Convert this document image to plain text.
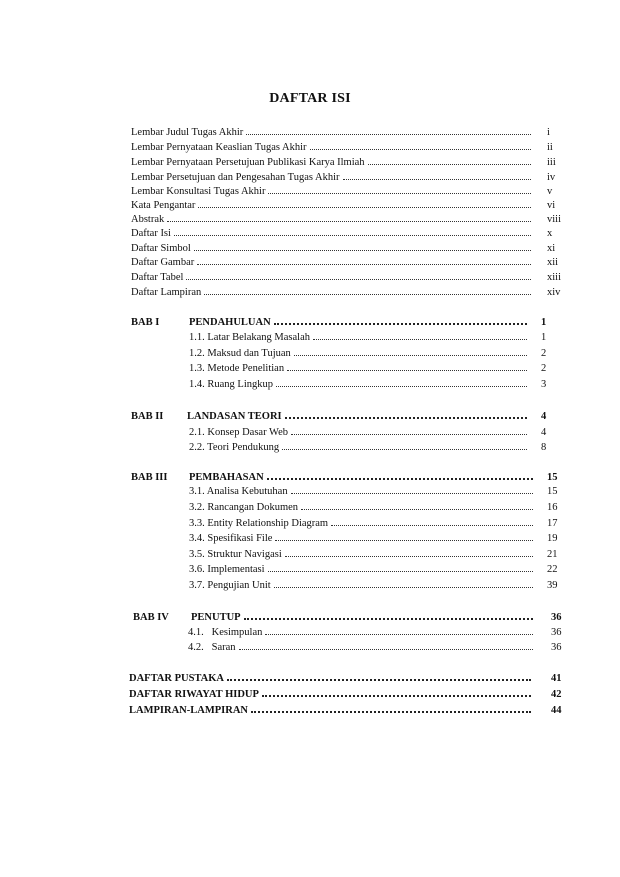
DAFTAR ISI
Lembar Judul Tugas Akhir	i
Lembar Pernyataan Keaslian Tugas Akhir	ii
Lembar Pernyataan Persetujuan Publikasi Karya Ilmiah	iii
Lembar Persetujuan dan Pengesahan Tugas Akhir	iv
Lembar Konsultasi Tugas Akhir	v
Kata Pengantar	vi
Abstrak	viii
Daftar Isi	x
Daftar Simbol	xi
Daftar Gambar	xii
Daftar Tabel	xiii
Daftar Lampiran	xiv
BAB I	PENDAHULUAN	1
1.1. Latar Belakang Masalah	1
1.2. Maksud dan Tujuan	2
1.3. Metode Penelitian	2
1.4. Ruang Lingkup	3
BAB II	LANDASAN TEORI	4
2.1. Konsep Dasar Web	4
2.2. Teori Pendukung	8
BAB III	PEMBAHASAN	15
3.1. Analisa Kebutuhan	15
3.2. Rancangan Dokumen	16
3.3. Entity Relationship Diagram	17
3.4. Spesifikasi File	19
3.5. Struktur Navigasi	21
3.6. Implementasi	22
3.7. Pengujian Unit	39
BAB IV	PENUTUP	36
4.1.   Kesimpulan	36
4.2.   Saran	36
DAFTAR PUSTAKA	41
DAFTAR RIWAYAT HIDUP	42
LAMPIRAN-LAMPIRAN	44
